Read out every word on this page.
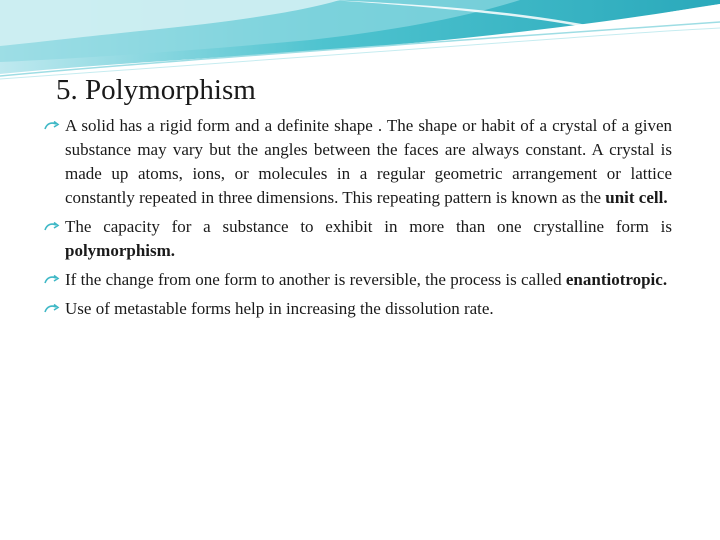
5. Polymorphism
A solid has a rigid form and a definite shape . The shape or habit of a crystal of a given substance may vary but the angles between the faces are always constant. A crystal is made up atoms, ions, or molecules in a regular geometric arrangement or lattice constantly repeated in three dimensions. This repeating pattern is known as the unit cell.
The capacity for a substance to exhibit in more than one crystalline form is polymorphism.
If the change from one form to another is reversible, the process is called enantiotropic.
Use of metastable forms help in increasing the dissolution rate.
